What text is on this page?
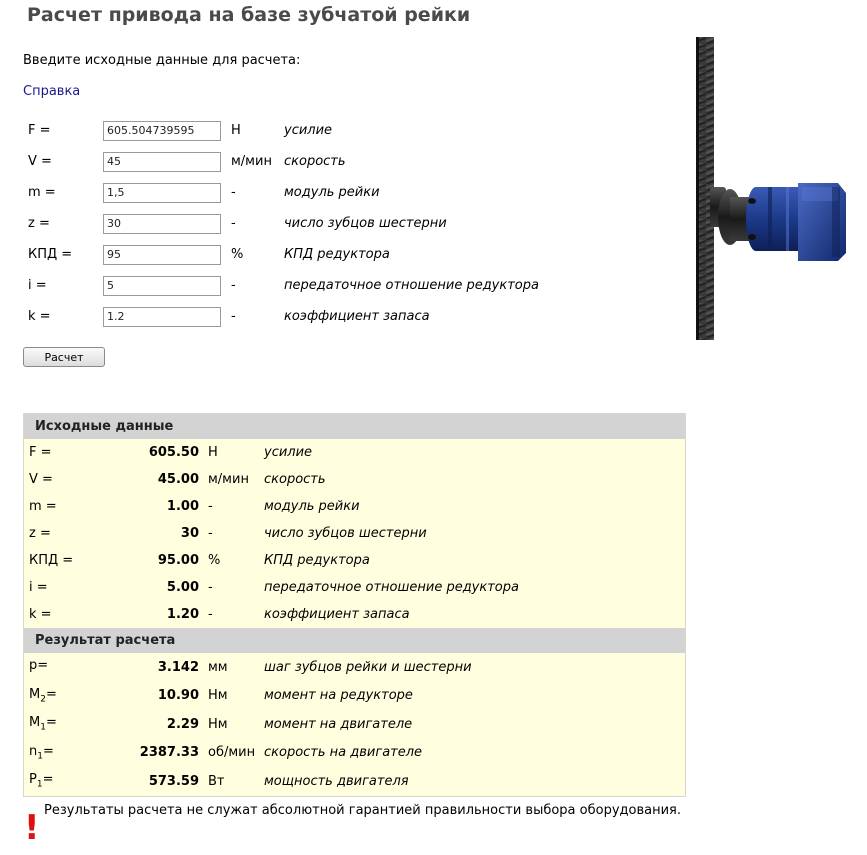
Расчет привода на базе зубчатой рейки
Введите исходные данные для расчета:
Справка
F =	605.504739595	Н	усилие
V =	45	м/мин	скорость
m =	1,5	-	модуль рейки
z =	30	-	число зубцов шестерни
КПД =	95	%	КПД редуктора
i =	5	-	передаточное отношение редуктора
k =	1.2	-	коэффициент запаса
Расчет
Исходные данные
F =	605.50	Н	усилие
V =	45.00	м/мин	скорость
m =	1.00	-	модуль рейки
z =	30	-	число зубцов шестерни
КПД =	95.00	%	КПД редуктора
i =	5.00	-	передаточное отношение редуктора
k =	1.20	-	коэффициент запаса
Результат расчета
p=	3.142	мм	шаг зубцов рейки и шестерни
$M_2=$	10.90	Нм	момент на редукторе
$M_1=$	2.29	Нм	момент на двигателе
$n_1=$	2387.33	об/мин	скорость на двигателе
$P_1=$	573.59	Вт	мощность двигателя
! Результаты расчета не служат абсолютной гарантией правильности выбора оборудования.
